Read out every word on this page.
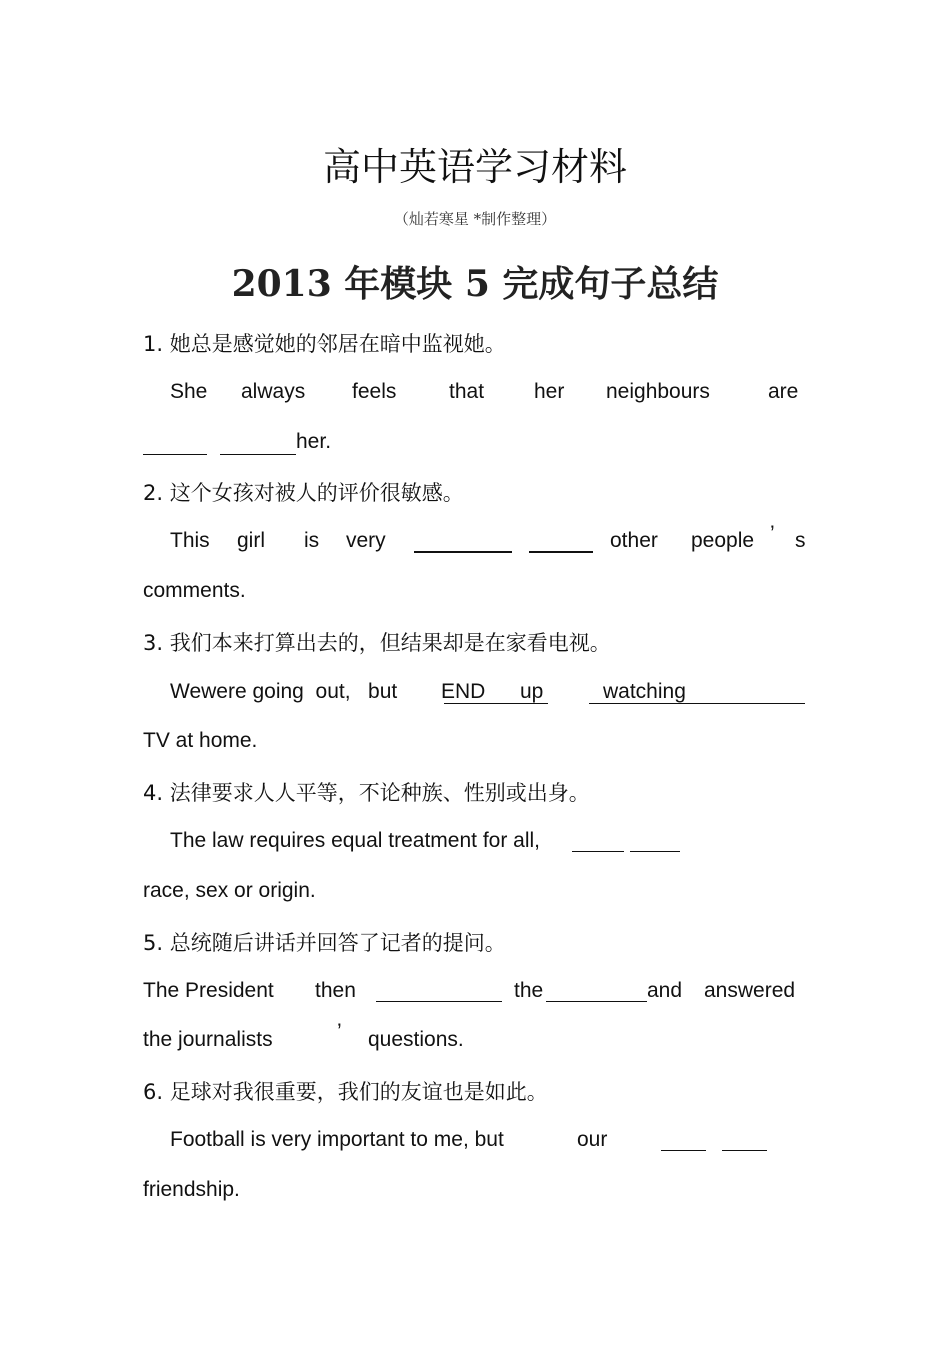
高中英语学习材料
（灿若寒星 *制作整理）
2013 年模块 5 完成句子总结
1. 她总是感觉她的邻居在暗中监视她。
She always feels	that her neighbours	are
her.
2. 这个女孩对被人的评价很敏感。
This girl is very	other people ’ s
comments.
3. 我们本来打算出去的，但结果却是在家看电视。
Wewere going  out,   but END up	watching
TV at home.
4. 法律要求人人平等，不论种族、性别或出身。
The law requires equal treatment for all,
race, sex or origin.
5. 总统随后讲话并回答了记者的提问。
The President then	the	and answered
the journalists	’ questions.
6. 足球对我很重要，我们的友谊也是如此。
Football is very important to me, but	our
friendship.
